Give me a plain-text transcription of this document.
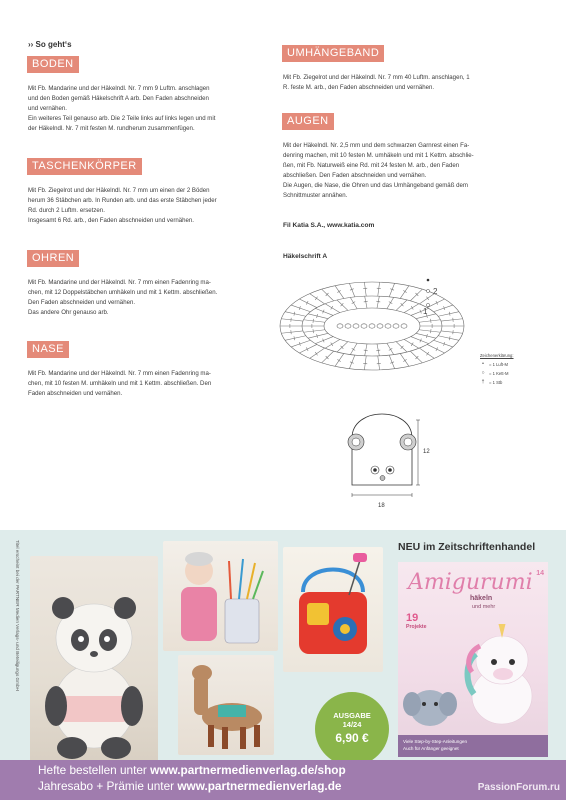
›› So geht‘s
BODEN

Mit Fb. Mandarine und der Häkelndl. Nr. 7 mm 9 Luftm. anschlagen

und den Boden gemäß Häkelschrift A arb. Den Faden abschneiden

und vernähen.

Ein weiteres Teil genauso arb. Die 2 Teile links auf links legen und mit

der Häkelndl. Nr. 7 mit festen M. rundherum zusammenfügen.

TASCHENKÖRPER

Mit Fb. Ziegelrot und der Häkelndl. Nr. 7 mm um einen der 2 Böden

herum 36 Stäbchen arb. In Runden arb. und das erste Stäbchen jeder

Rd. durch 2 Luftm. ersetzen.

Insgesamt 6 Rd. arb., den Faden abschneiden und vernähen.

OHREN

Mit Fb. Mandarine und der Häkelndl. Nr. 7 mm einen Fadenring ma-

chen, mit 12 Doppelstäbchen umhäkeln und mit 1 Kettm. abschließen.

Den Faden abschneiden und vernähen.

Das andere Ohr genauso arb.

NASE

Mit Fb. Mandarine und der Häkelndl. Nr. 7 mm einen Fadenring ma-

chen, mit 10 festen M. umhäkeln und mit 1 Kettm. abschließen. Den

Faden abschneiden und vernähen.

UMHÄNGEBAND

Mit Fb. Ziegelrot und der Häkelndl. Nr. 7 mm 40 Luftm. anschlagen, 1

R. feste M. arb., den Faden abschneiden und vernähen.

AUGEN

Mit der Häkelndl. Nr. 2,5 mm und dem schwarzen Garnrest einen Fa-

denring machen, mit 10 festen M. umhäkeln und mit 1 Kettm. abschlie-

ßen, mit Fb. Naturweiß eine Rd. mit 24 festen M. arb., den Faden

abschließen. Den Faden abschneiden und vernähen.

Die Augen, die Nase, die Ohren und das Umhängeband gemäß dem

Schnittmuster annähen.

Fil Katia S.A., www.katia.com
Häkelschrift A
2
1
Zeichenerklärung:
•	= 1 Luft-M
○	= 1 Kett-M
†	= 1 Stb
12
18
Titel erscheint bei der PARTNER Medien Verlags- und Beteiligungs GmbH
AUSGABE
14/24
6,90 €
NEU im Zeitschriftenhandel
Amigurumi 14
häkeln
und mehr
19
Projekte
Viele Step-by-Step-Anleitungen
Auch für Anfänger geeignet
Hefte bestellen unter www.partnermedienverlag.de/shop
Jahresabo + Prämie unter www.partnermedienverlag.de	PassionForum.ru
